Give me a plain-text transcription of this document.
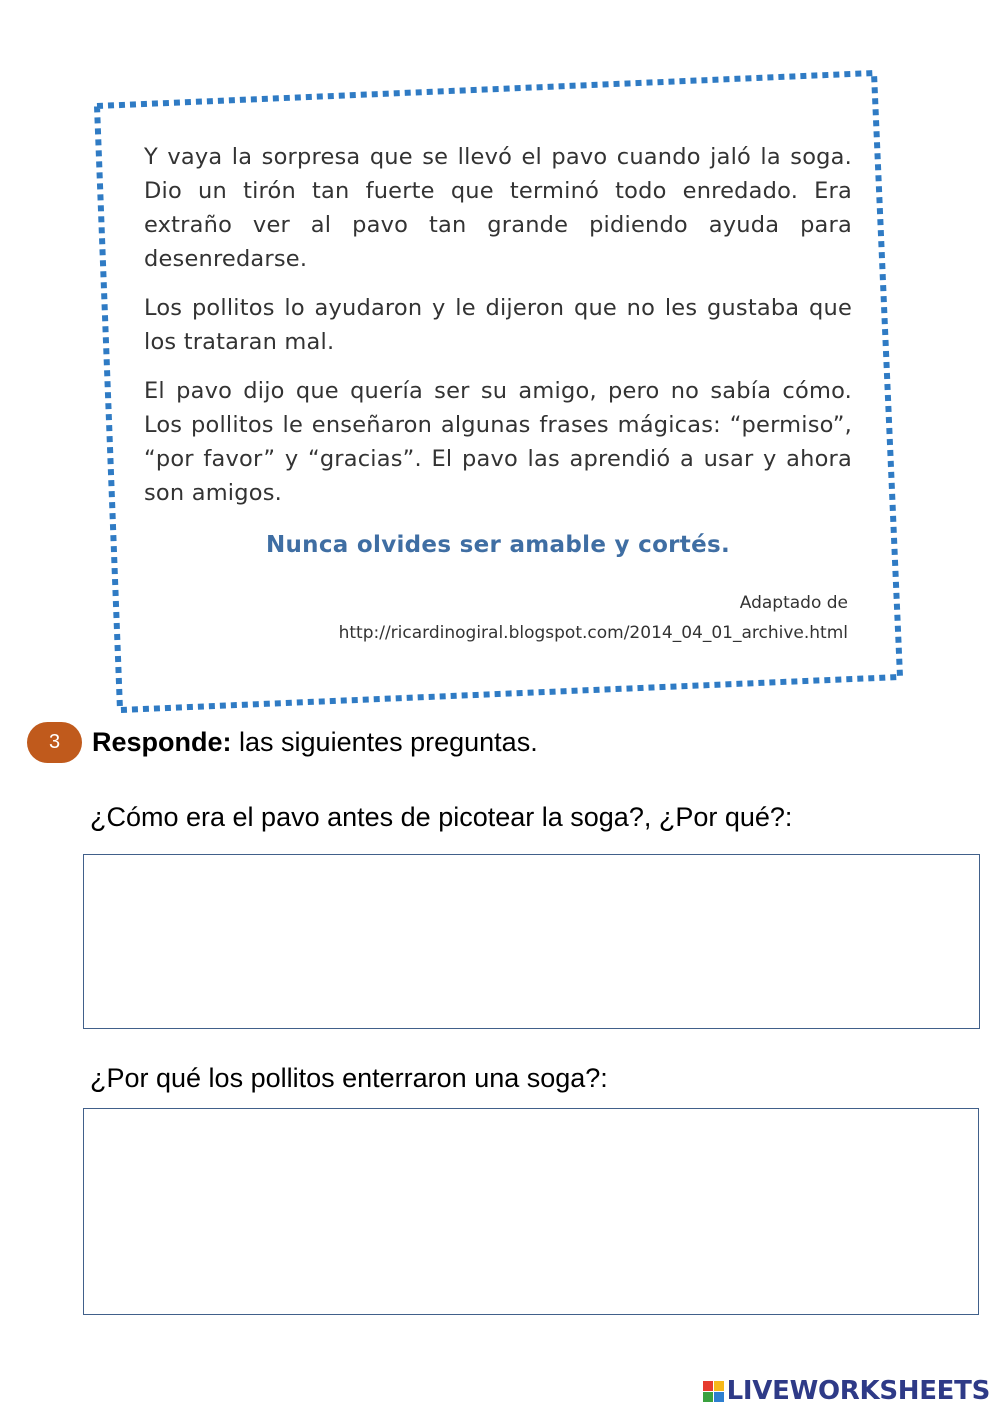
Y vaya la sorpresa que se llevó el pavo cuando jaló la soga. Dio un tirón tan fuerte que terminó todo enredado. Era extraño ver al pavo tan grande pidiendo ayuda para desenredarse.

Los pollitos lo ayudaron y le dijeron que no les gustaba que los trataran mal.

El pavo dijo que quería ser su amigo, pero no sabía cómo. Los pollitos le enseñaron algunas frases mágicas: “permiso”, “por favor” y “gracias”. El pavo las aprendió a usar y ahora son amigos.

Nunca olvides ser amable y cortés.
Adaptado de
http://ricardinogiral.blogspot.com/2014_04_01_archive.html
3	Responde: las siguientes preguntas.
¿Cómo era el pavo antes de picotear la soga?, ¿Por qué?:
¿Por qué los pollitos enterraron una soga?:
LIVEWORKSHEETS
